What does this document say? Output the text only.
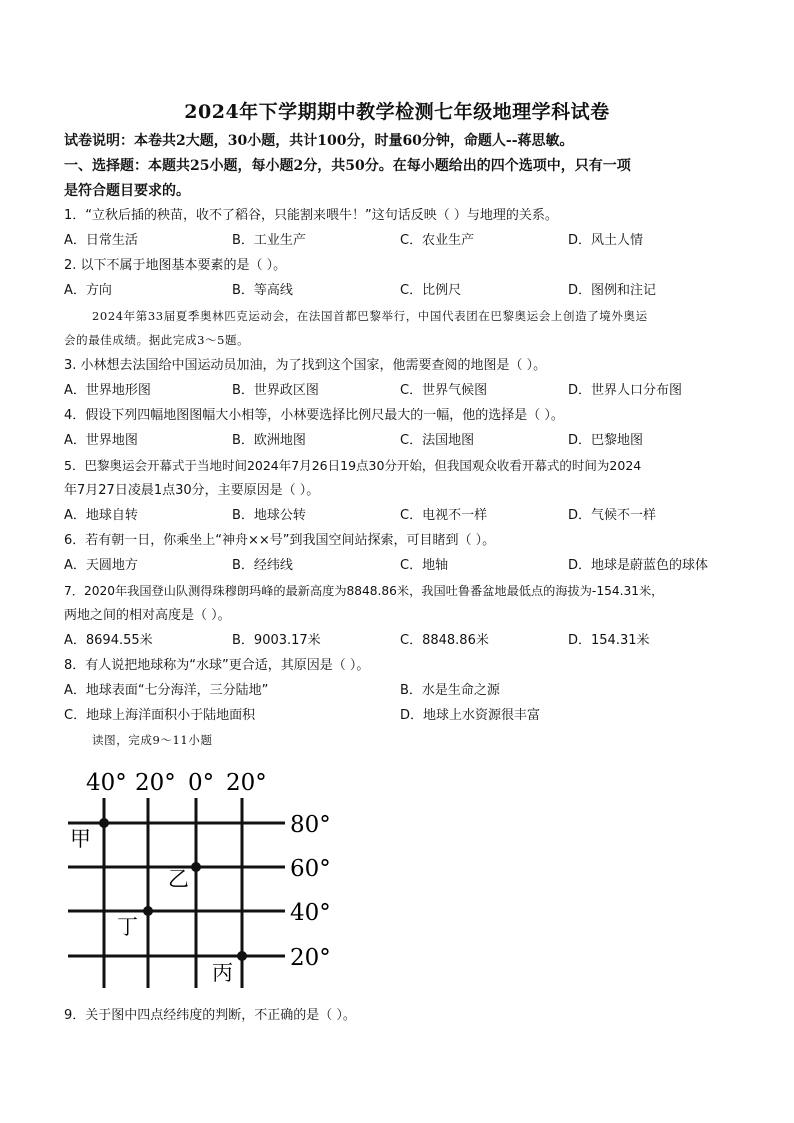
2024年下学期期中教学检测七年级地理学科试卷
试卷说明：本卷共2大题，30小题，共计100分，时量60分钟，命题人--蒋思敏。
一、选择题：本题共25小题，每小题2分，共50分。在每小题给出的四个选项中，只有一项
是符合题目要求的。
1．“立秋后插的秧苗，收不了稻谷，只能割来喂牛！”这句话反映（ ）与地理的关系。
A．日常生活	B．工业生产	C．农业生产	D．风土人情
2. 以下不属于地图基本要素的是（ ）。
A．方向	B．等高线	C．比例尺	D．图例和注记
2024年第33届夏季奥林匹克运动会，在法国首都巴黎举行，中国代表团在巴黎奥运会上创造了境外奥运
会的最佳成绩。据此完成3～5题。
3. 小林想去法国给中国运动员加油，为了找到这个国家，他需要查阅的地图是（ ）。
A．世界地形图	B．世界政区图	C．世界气候图	D．世界人口分布图
4．假设下列四幅地图图幅大小相等，小林要选择比例尺最大的一幅，他的选择是（ ）。
A．世界地图	B．欧洲地图	C．法国地图	D．巴黎地图
5．巴黎奥运会开幕式于当地时间2024年7月26日19点30分开始，但我国观众收看开幕式的时间为2024
年7月27日凌晨1点30分，主要原因是（ ）。
A．地球自转	B．地球公转	C．电视不一样	D．气候不一样
6．若有朝一日，你乘坐上“神舟××号”到我国空间站探索，可目睹到（ ）。
A．天圆地方	B．经纬线	C．地轴	D．地球是蔚蓝色的球体
7．2020年我国登山队测得珠穆朗玛峰的最新高度为8848.86米，我国吐鲁番盆地最低点的海拔为-154.31米，
两地之间的相对高度是（ ）。
A．8694.55米	B．9003.17米	C．8848.86米	D．154.31米
8．有人说把地球称为“水球”更合适，其原因是（ ）。
A．地球表面“七分海洋，三分陆地”	B．水是生命之源
C．地球上海洋面积小于陆地面积	D．地球上水资源很丰富
读图，完成9～11小题
40° 20° 0° 20°
80°
60°
40°
20°
甲
乙
丁
丙
9．关于图中四点经纬度的判断，不正确的是（ ）。
